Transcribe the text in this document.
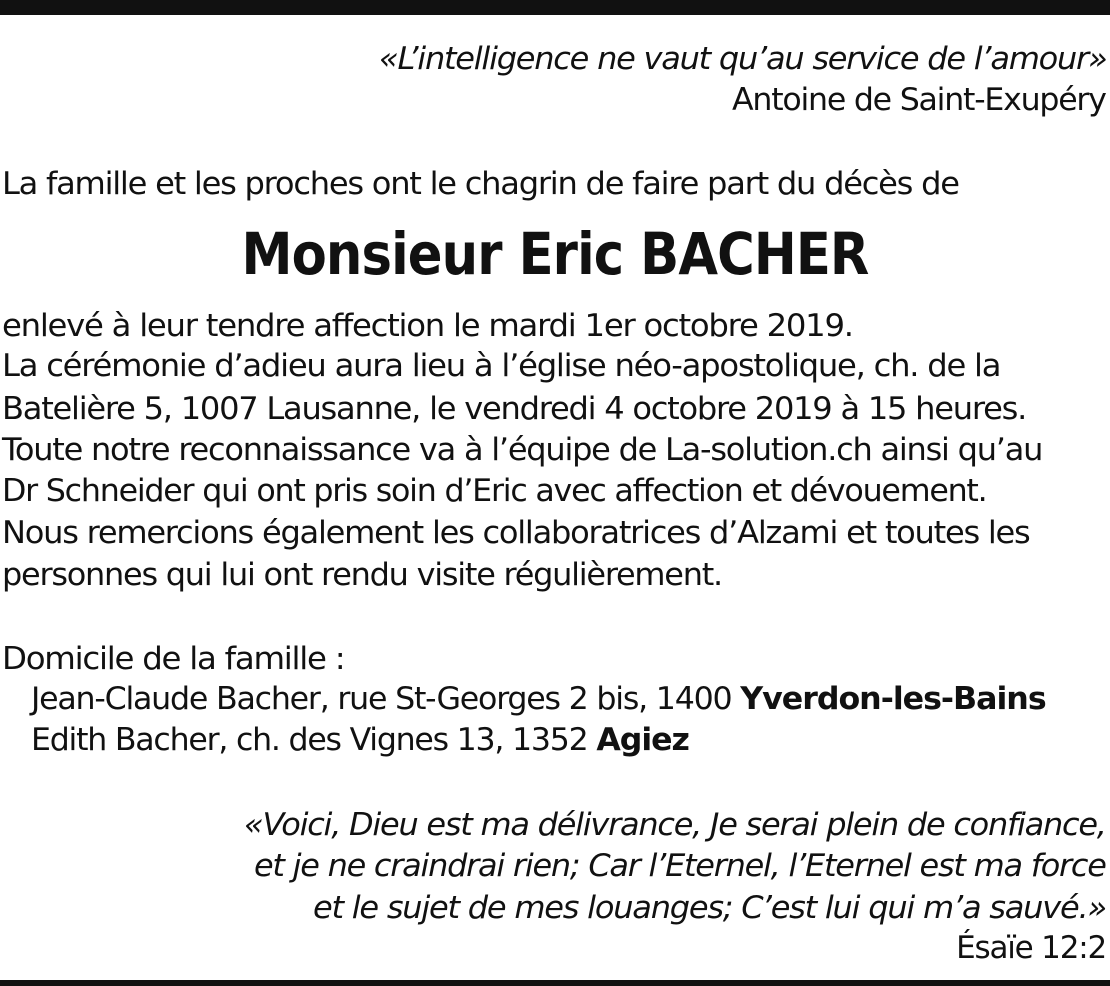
«L’intelligence ne vaut qu’au service de l’amour»
Antoine de Saint-Exupéry
La famille et les proches ont le chagrin de faire part du décès de
Monsieur Eric BACHER
enlevé à leur tendre affection le mardi 1er octobre 2019.
La cérémonie d’adieu aura lieu à l’église néo-apostolique, ch. de la
Batelière 5, 1007 Lausanne, le vendredi 4 octobre 2019 à 15 heures.
Toute notre reconnaissance va à l’équipe de La-solution.ch ainsi qu’au
Dr Schneider qui ont pris soin d’Eric avec affection et dévouement.
Nous remercions également les collaboratrices d’Alzami et toutes les
personnes qui lui ont rendu visite régulièrement.
Domicile de la famille :
Jean-Claude Bacher, rue St-Georges 2 bis, 1400 Yverdon-les-Bains
Edith Bacher, ch. des Vignes 13, 1352 Agiez
«Voici, Dieu est ma délivrance, Je serai plein de confiance,
et je ne craindrai rien; Car l’Eternel, l’Eternel est ma force
et le sujet de mes louanges; C’est lui qui m’a sauvé.»
Ésaïe 12:2
